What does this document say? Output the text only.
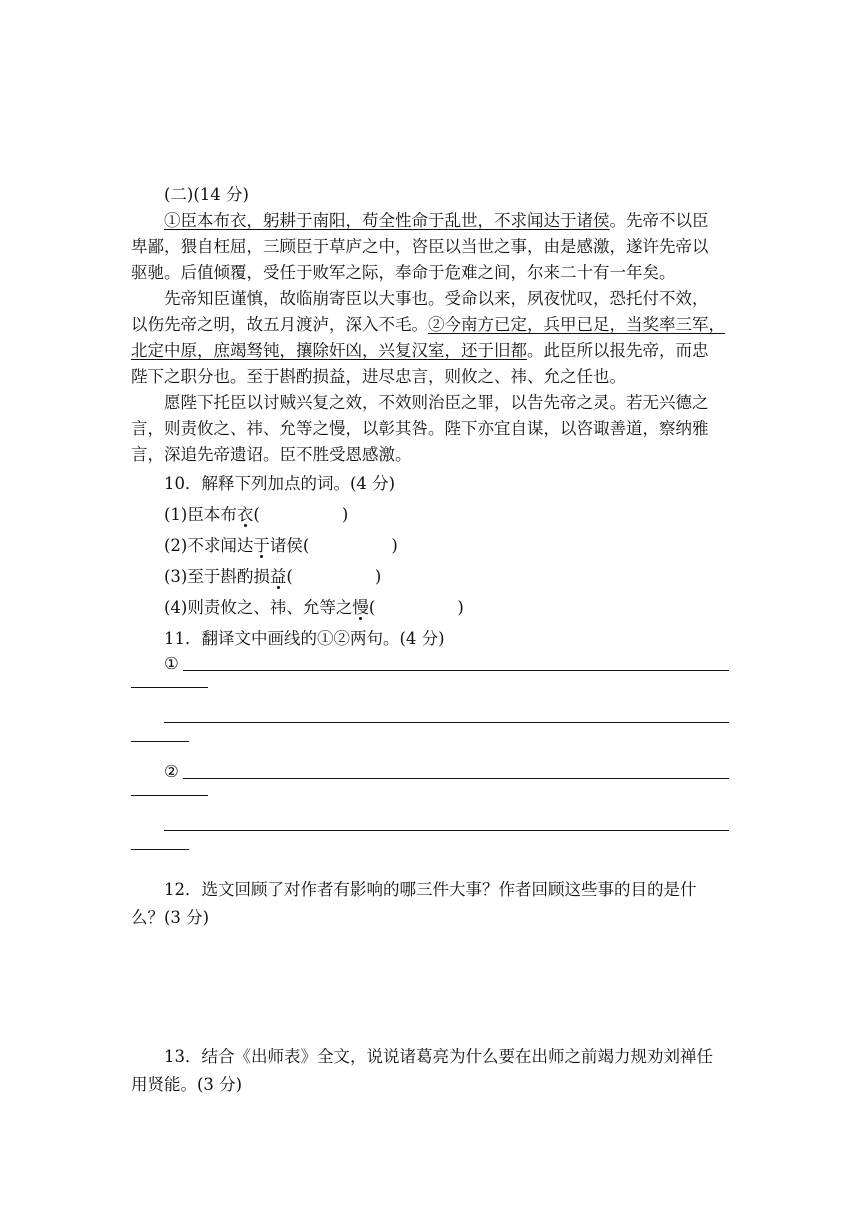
(二)(14 分)
①臣本布衣，躬耕于南阳，苟全性命于乱世，不求闻达于诸侯。先帝不以臣
卑鄙，猥自枉屈，三顾臣于草庐之中，咨臣以当世之事，由是感激，遂许先帝以
驱驰。后值倾覆，受任于败军之际，奉命于危难之间，尔来二十有一年矣。
先帝知臣谨慎，故临崩寄臣以大事也。受命以来，夙夜忧叹，恐托付不效，
以伤先帝之明，故五月渡泸，深入不毛。②今南方已定，兵甲已足，当奖率三军，
北定中原，庶竭驽钝，攘除奸凶，兴复汉室，还于旧都。此臣所以报先帝，而忠
陛下之职分也。至于斟酌损益，进尽忠言，则攸之、祎、允之任也。
愿陛下托臣以讨贼兴复之效，不效则治臣之罪，以告先帝之灵。若无兴德之
言，则责攸之、祎、允等之慢，以彰其咎。陛下亦宜自谋，以咨诹善道，察纳雅
言，深追先帝遗诏。臣不胜受恩感激。
10．解释下列加点的词。(4 分)
(1)臣本布衣(	)
(2)不求闻达于诸侯(	)
(3)至于斟酌损益(	)
(4)则责攸之、祎、允等之慢(	)
11．翻译文中画线的①②两句。(4 分)
①
②
12．选文回顾了对作者有影响的哪三件大事？作者回顾这些事的目的是什
么？(3 分)
13．结合《出师表》全文，说说诸葛亮为什么要在出师之前竭力规劝刘禅任
用贤能。(3 分)
